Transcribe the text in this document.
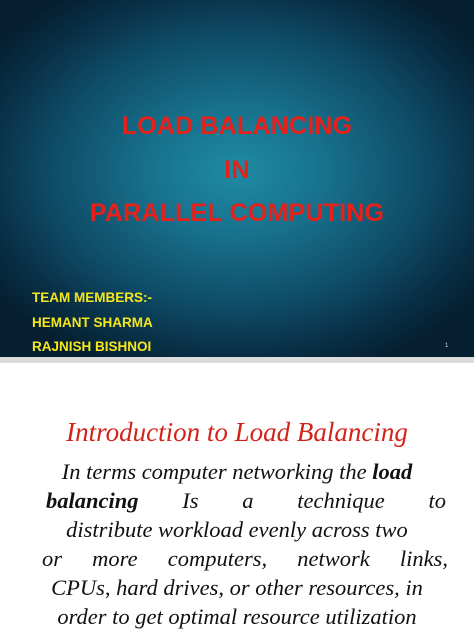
LOAD BALANCING
IN
PARALLEL COMPUTING
TEAM MEMBERS:-
HEMANT SHARMA
RAJNISH BISHNOI	1
Introduction to Load Balancing
In terms computer networking the load
balancing Is a technique to
distribute workload evenly across two
or more computers, network links,
CPUs, hard drives, or other resources, in
order to get optimal resource utilization
